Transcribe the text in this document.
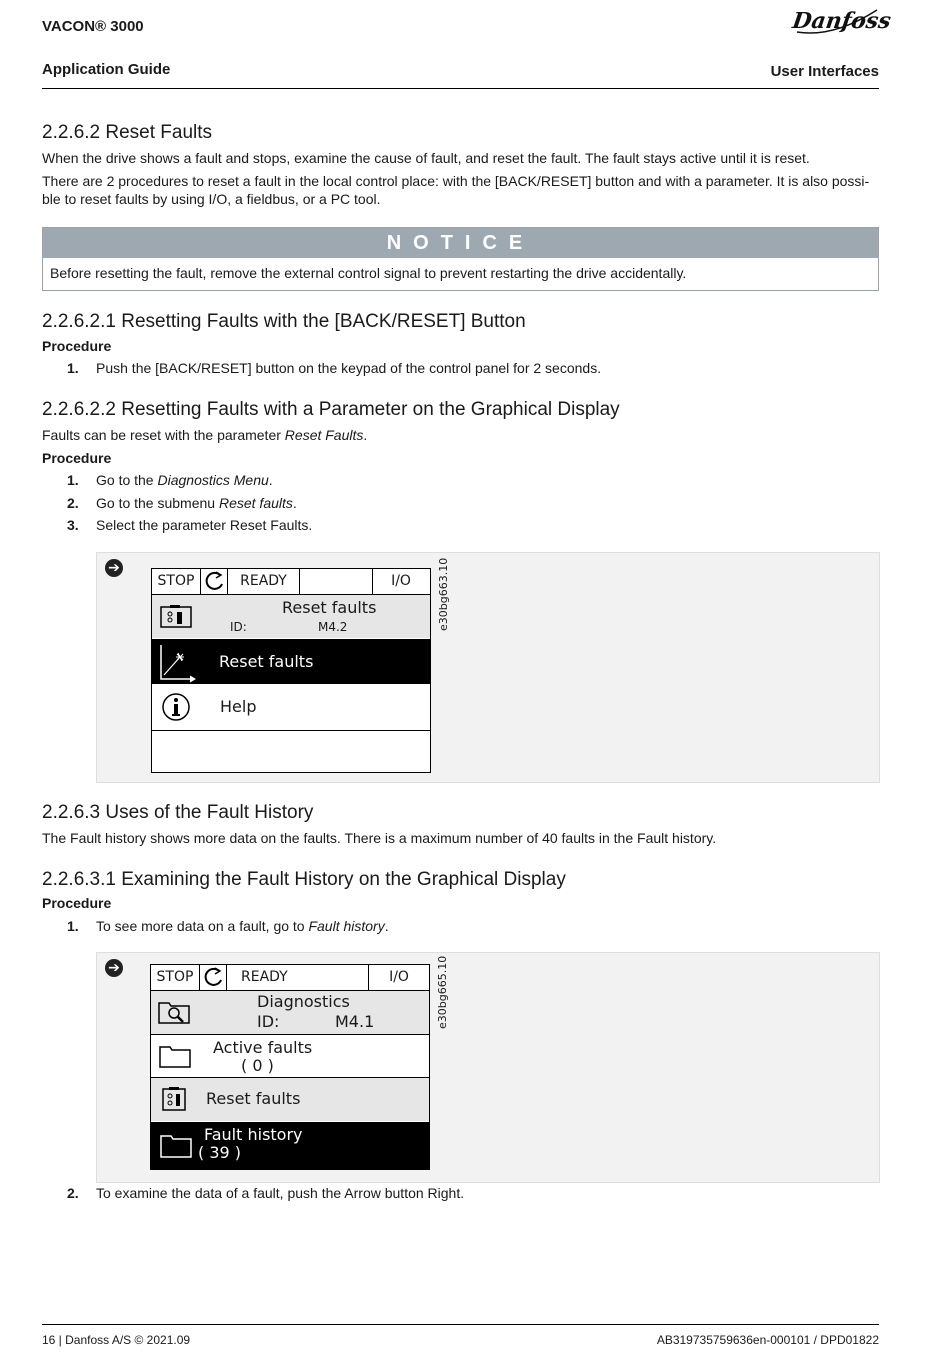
VACON® 3000	Danfoss
Application Guide	User Interfaces
2.2.6.2 Reset Faults
When the drive shows a fault and stops, examine the cause of fault, and reset the fault. The fault stays active until it is reset.
There are 2 procedures to reset a fault in the local control place: with the [BACK/RESET] button and with a parameter. It is also possi-
ble to reset faults by using I/O, a fieldbus, or a PC tool.
NOTICE
Before resetting the fault, remove the external control signal to prevent restarting the drive accidentally.
2.2.6.2.1 Resetting Faults with the [BACK/RESET] Button
Procedure
1. Push the [BACK/RESET] button on the keypad of the control panel for 2 seconds.
2.2.6.2.2 Resetting Faults with a Parameter on the Graphical Display
Faults can be reset with the parameter Reset Faults.
Procedure
1. Go to the Diagnostics Menu.
2. Go to the submenu Reset faults.
3. Select the parameter Reset Faults.
➔
STOP	READY	I/O
Reset faults
ID:	M4.2
Reset faults
Help
e30bg663.10
2.2.6.3 Uses of the Fault History
The Fault history shows more data on the faults. There is a maximum number of 40 faults in the Fault history.
2.2.6.3.1 Examining the Fault History on the Graphical Display
Procedure
1. To see more data on a fault, go to Fault history.
➔
STOP	READY	I/O
Diagnostics
ID:	M4.1
Active faults
( 0 )
Reset faults
Fault history
( 39 )
e30bg665.10
2. To examine the data of a fault, push the Arrow button Right.
16 | Danfoss A/S © 2021.09	AB319735759636en-000101 / DPD01822
